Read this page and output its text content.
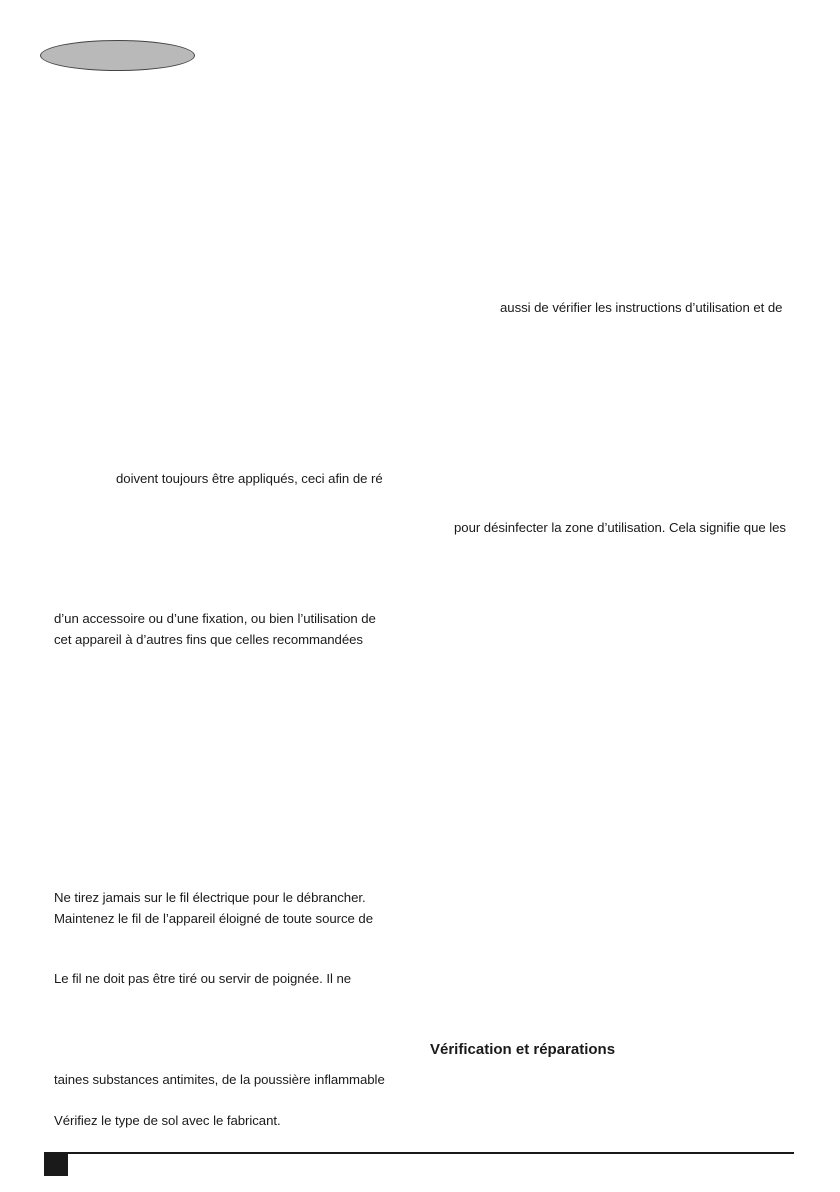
aussi de vérifier les instructions d’utilisation et de
pour désinfecter la zone d’utilisation. Cela signifie que les
doivent toujours être appliqués, ceci afin de ré
d’un accessoire ou d’une fixation, ou bien l’utilisation de
cet appareil à d’autres fins que celles recommandées
Ne tirez jamais sur le fil électrique pour le débrancher.
Maintenez le fil de l’appareil éloigné de toute source de
Le fil ne doit pas être tiré ou servir de poignée. Il ne
Vérification et réparations
taines substances antimites, de la poussière inflammable
Vérifiez le type de sol avec le fabricant.
